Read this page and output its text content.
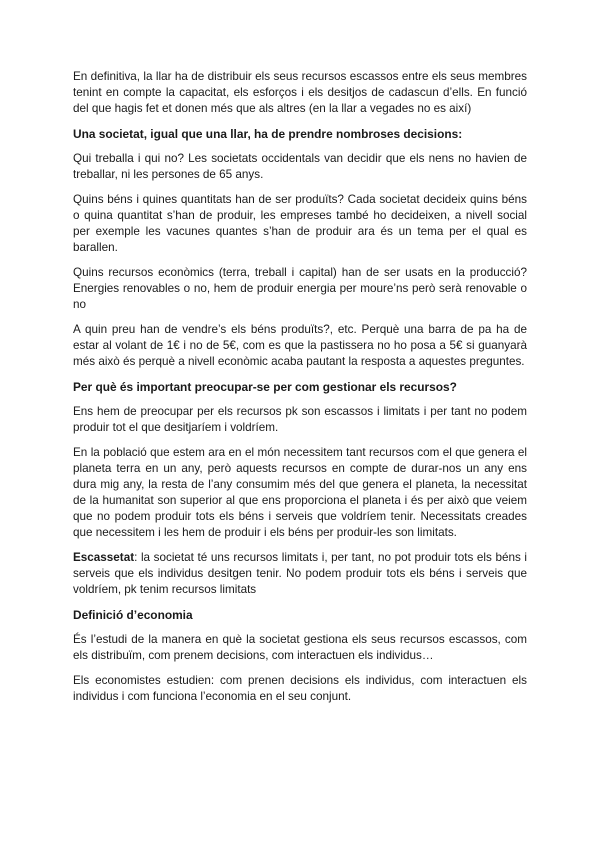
En definitiva, la llar ha de distribuir els seus recursos escassos entre els seus membres tenint en compte la capacitat, els esforços i els desitjos de cadascun d’ells. En funció del que hagis fet et donen més que als altres (en la llar a vegades no es així)

Una societat, igual que una llar, ha de prendre nombroses decisions:

Qui treballa i qui no? Les societats occidentals van decidir que els nens no havien de treballar, ni les persones de 65 anys.

Quins béns i quines quantitats han de ser produïts? Cada societat decideix quins béns o quina quantitat s’han de produir, les empreses també ho decideixen, a nivell social per exemple les vacunes quantes s’han de produir ara és un tema per el qual es barallen.

Quins recursos econòmics (terra, treball i capital) han de ser usats en la producció? Energies renovables o no, hem de produir energia per moure’ns però serà renovable o no

A quin preu han de vendre’s els béns produïts?, etc. Perquè una barra de pa ha de estar al volant de 1€ i no de 5€, com es que la pastissera no ho posa a 5€ si guanyarà més això és perquè a nivell econòmic acaba pautant la resposta a aquestes preguntes.

Per què és important preocupar-se per com gestionar els recursos?

Ens hem de preocupar per els recursos pk son escassos i limitats i per tant no podem produir tot el que desitjaríem i voldríem.

En la població que estem ara en el món necessitem tant recursos com el que genera el planeta terra en un any, però aquests recursos en compte de durar-nos un any ens dura mig any, la resta de l’any consumim més del que genera el planeta, la necessitat de la humanitat son superior al que ens proporciona el planeta i és per això que veiem que no podem produir tots els béns i serveis que voldríem tenir. Necessitats creades que necessitem i les hem de produir i els béns per produir-les son limitats.

Escassetat: la societat té uns recursos limitats i, per tant, no pot produir tots els béns i serveis que els individus desitgen tenir. No podem produir tots els béns i serveis que voldríem, pk tenim recursos limitats

Definició d’economia

És l’estudi de la manera en què la societat gestiona els seus recursos escassos, com els distribuïm, com prenem decisions, com interactuen els individus…

Els economistes estudien: com prenen decisions els individus, com interactuen els individus i com funciona l’economia en el seu conjunt.
